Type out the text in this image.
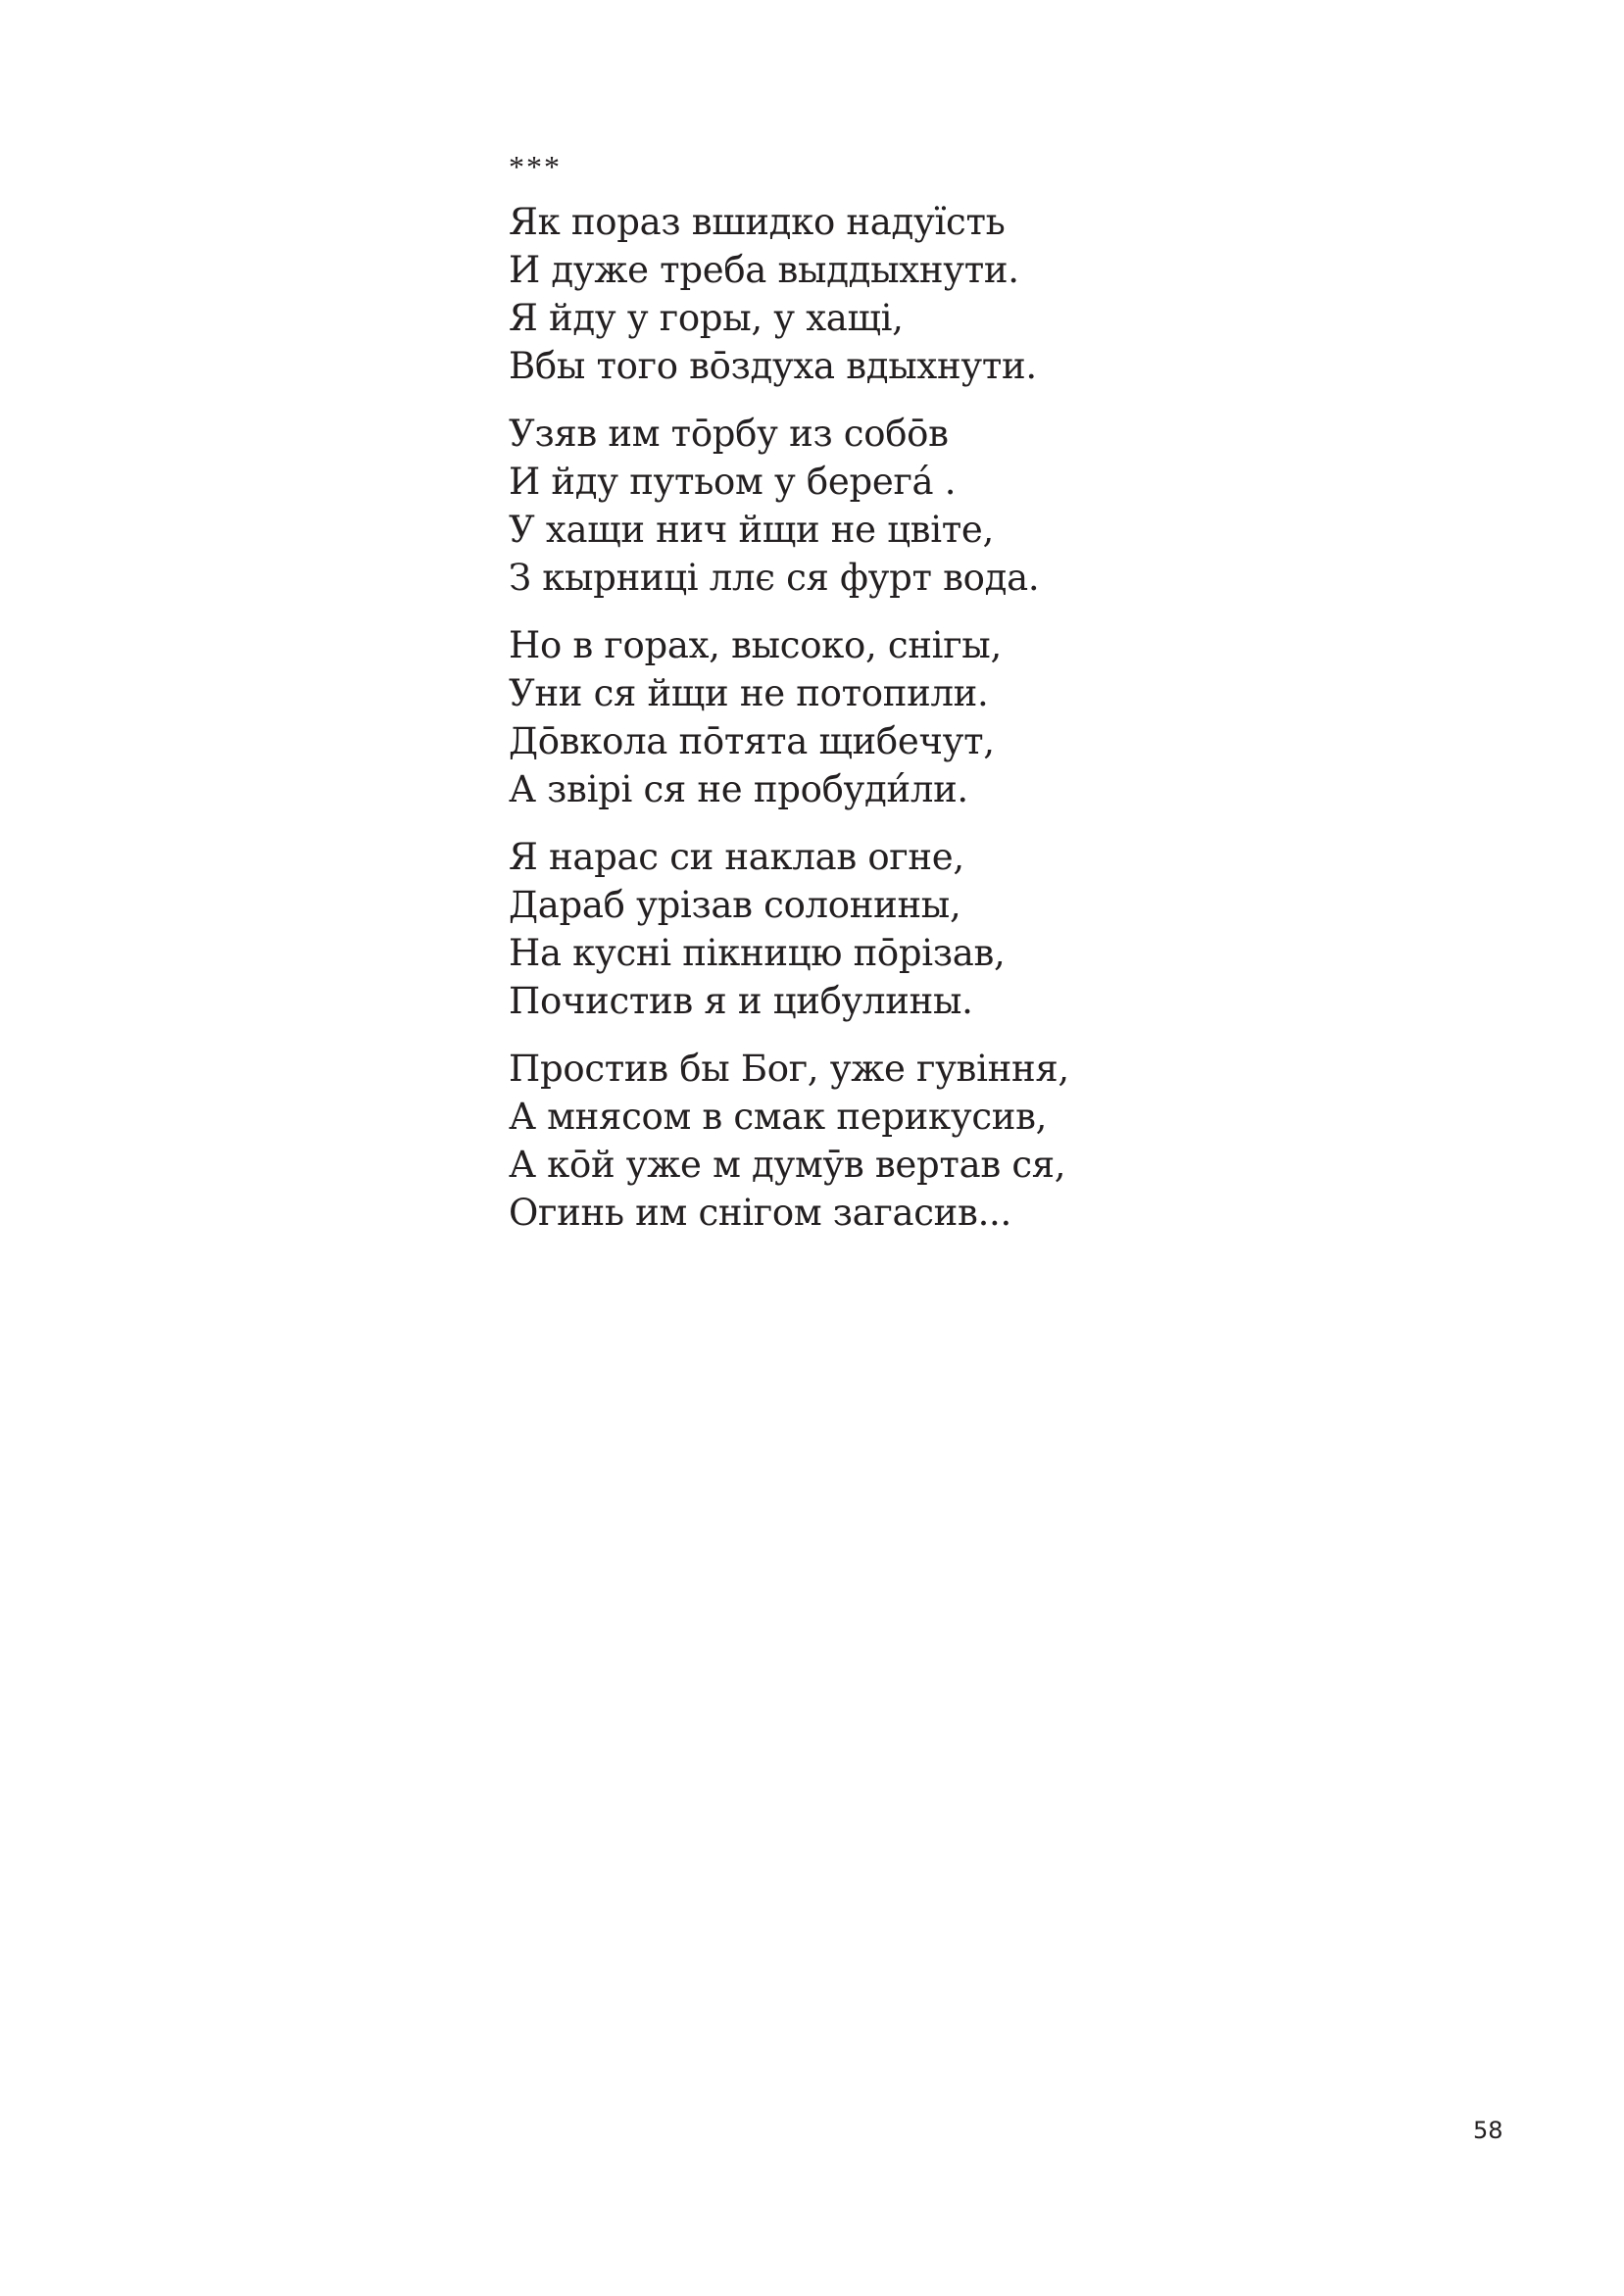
***
Як пораз вшидко надуїсть
И дуже треба выддыхнути.
Я йду у горы, у хащі,
Вбы того во̄здуха вдыхнути.
Узяв им то̄рбу из собо̄в
И йду путьом у берега́ .
У хащи нич йщи не цвіте,
З кырниці ллє ся фурт вода.
Но в горах, высоко, снігы,
Уни ся йщи не потопили.
До̄вкола по̄тята щибечут,
А звірі ся не пробуди́ли.
Я нарас си наклав огне,
Дараб урізав солонины,
На кусні пікницю по̄різав,
Почистив я и цибулины.
Простив бы Бог, уже гувіння,
А мнясом в смак перикусив,
А ко̄й уже м думӯв вертав ся,
Огинь им снігом загасив...
58
